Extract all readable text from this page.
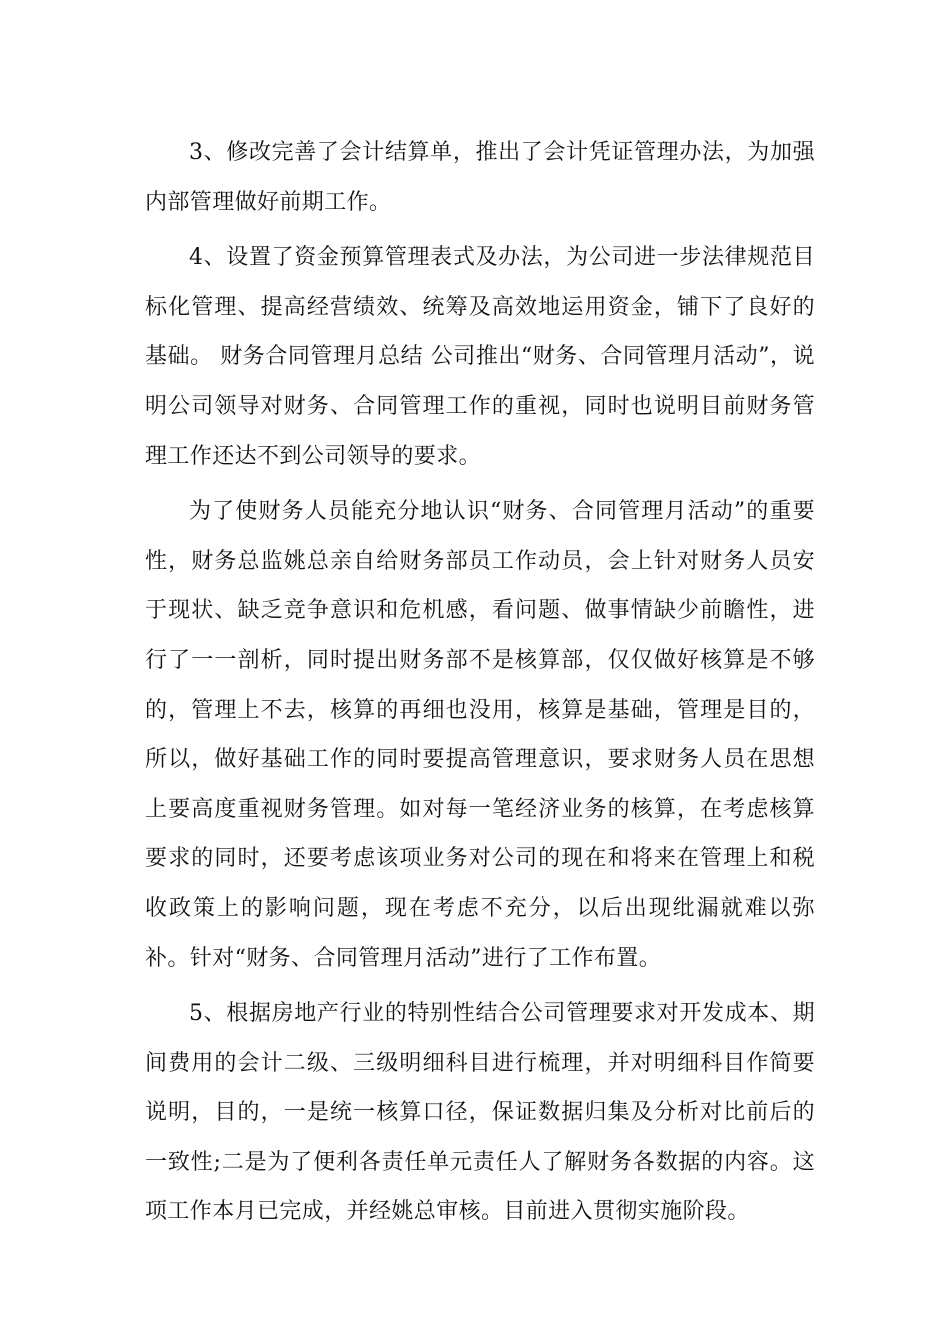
3、修改完善了会计结算单，推出了会计凭证管理办法，为加强内部管理做好前期工作。

4、设置了资金预算管理表式及办法，为公司进一步法律规范目标化管理、提高经营绩效、统筹及高效地运用资金，铺下了良好的基础。 财务合同管理月总结 公司推出“财务、合同管理月活动”，说明公司领导对财务、合同管理工作的重视，同时也说明目前财务管理工作还达不到公司领导的要求。

为了使财务人员能充分地认识“财务、合同管理月活动”的重要性，财务总监姚总亲自给财务部员工作动员，会上针对财务人员安于现状、缺乏竞争意识和危机感，看问题、做事情缺少前瞻性，进行了一一剖析，同时提出财务部不是核算部，仅仅做好核算是不够的，管理上不去，核算的再细也没用，核算是基础，管理是目的，所以，做好基础工作的同时要提高管理意识，要求财务人员在思想上要高度重视财务管理。如对每一笔经济业务的核算，在考虑核算要求的同时，还要考虑该项业务对公司的现在和将来在管理上和税收政策上的影响问题，现在考虑不充分，以后出现纰漏就难以弥补。针对“财务、合同管理月活动”进行了工作布置。

5、根据房地产行业的特别性结合公司管理要求对开发成本、期间费用的会计二级、三级明细科目进行梳理，并对明细科目作简要说明，目的，一是统一核算口径，保证数据归集及分析对比前后的一致性;二是为了便利各责任单元责任人了解财务各数据的内容。这项工作本月已完成，并经姚总审核。目前进入贯彻实施阶段。
